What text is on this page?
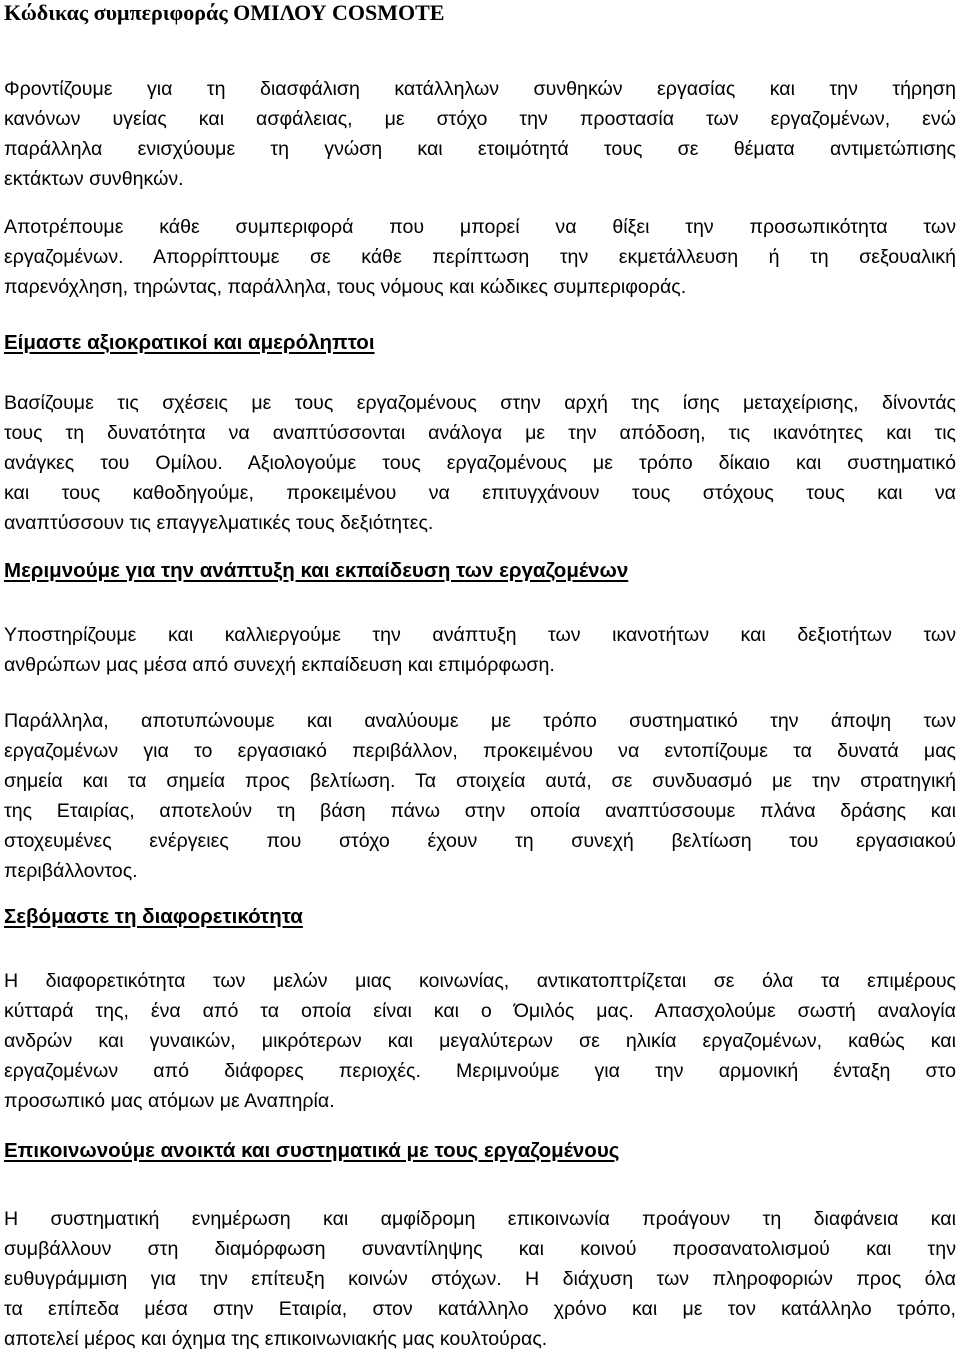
Κώδικας συμπεριφοράς ΟΜΙΛΟΥ COSMOTE

Φροντίζουμε για τη διασφάλιση κατάλληλων συνθηκών εργασίας και την τήρηση
κανόνων υγείας και ασφάλειας, με στόχο την προστασία των εργαζομένων, ενώ
παράλληλα ενισχύουμε τη γνώση και ετοιμότητά τους σε θέματα αντιμετώπισης
εκτάκτων συνθηκών.

Αποτρέπουμε κάθε συμπεριφορά που μπορεί να θίξει την προσωπικότητα των
εργαζομένων. Απορρίπτουμε σε κάθε περίπτωση την εκμετάλλευση ή τη σεξουαλική
παρενόχληση, τηρώντας, παράλληλα, τους νόμους και κώδικες συμπεριφοράς.

Είμαστε αξιοκρατικοί και αμερόληπτοι

Βασίζουμε τις σχέσεις με τους εργαζομένους στην αρχή της ίσης μεταχείρισης, δίνοντάς
τους τη δυνατότητα να αναπτύσσονται ανάλογα με την απόδοση, τις ικανότητες και τις
ανάγκες του Ομίλου. Αξιολογούμε τους εργαζομένους με τρόπο δίκαιο και συστηματικό
και τους καθοδηγούμε, προκειμένου να επιτυγχάνουν τους στόχους τους και να
αναπτύσσουν τις επαγγελματικές τους δεξιότητες.

Μεριμνούμε για την ανάπτυξη και εκπαίδευση των εργαζομένων

Υποστηρίζουμε και καλλιεργούμε την ανάπτυξη των ικανοτήτων και δεξιοτήτων των
ανθρώπων μας μέσα από συνεχή εκπαίδευση και επιμόρφωση.

Παράλληλα, αποτυπώνουμε και αναλύουμε με τρόπο συστηματικό την άποψη των
εργαζομένων για το εργασιακό περιβάλλον, προκειμένου να εντοπίζουμε τα δυνατά μας
σημεία και τα σημεία προς βελτίωση. Τα στοιχεία αυτά, σε συνδυασμό με την στρατηγική
της Εταιρίας, αποτελούν τη βάση πάνω στην οποία αναπτύσσουμε πλάνα δράσης και
στοχευμένες ενέργειες που στόχο έχουν τη συνεχή βελτίωση του εργασιακού
περιβάλλοντος.

Σεβόμαστε τη διαφορετικότητα

Η διαφορετικότητα των μελών μιας κοινωνίας, αντικατοπτρίζεται σε όλα τα επιμέρους
κύτταρά της, ένα από τα οποία είναι και ο Όμιλός μας. Απασχολούμε σωστή αναλογία
ανδρών και γυναικών, μικρότερων και μεγαλύτερων σε ηλικία εργαζομένων, καθώς και
εργαζομένων από διάφορες περιοχές. Μεριμνούμε για την αρμονική ένταξη στο
προσωπικό μας ατόμων με Αναπηρία.

Επικοινωνούμε ανοικτά και συστηματικά με τους εργαζομένους

Η συστηματική ενημέρωση και αμφίδρομη επικοινωνία προάγουν τη διαφάνεια και
συμβάλλουν στη διαμόρφωση συναντίληψης και κοινού προσανατολισμού και την
ευθυγράμμιση για την επίτευξη κοινών στόχων. Η διάχυση των πληροφοριών προς όλα
τα επίπεδα μέσα στην Εταιρία, στον κατάλληλο χρόνο και με τον κατάλληλο τρόπο,
αποτελεί μέρος και όχημα της επικοινωνιακής μας κουλτούρας.
